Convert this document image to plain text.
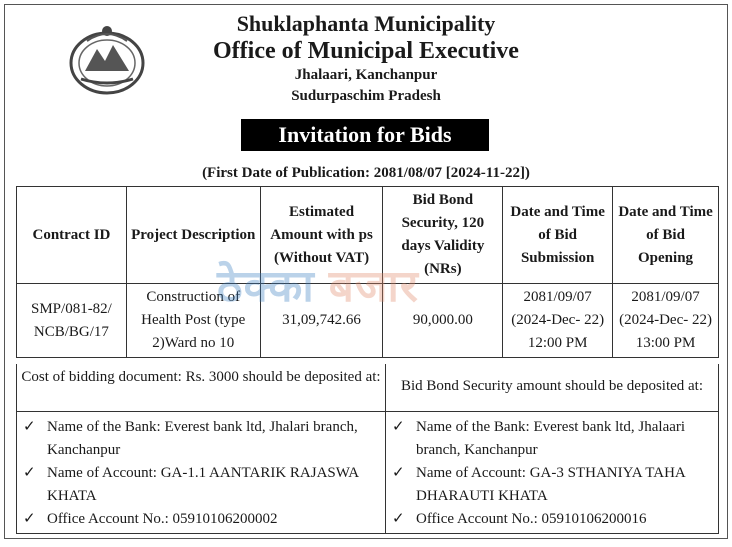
Shuklaphanta Municipality
Office of Municipal Executive
Jhalaari, Kanchanpur
Sudurpaschim Pradesh
Invitation for Bids
(First Date of Publication: 2081/08/07 [2024-11-22])
Contract ID	Project Description	Estimated Amount with ps (Without VAT)	Bid Bond Security, 120 days Validity (NRs)	Date and Time of Bid Submission	Date and Time of Bid Opening
SMP/081-82/ NCB/BG/17	Construction of Health Post (type 2)Ward no 10	31,09,742.66	90,000.00	2081/09/07 (2024-Dec- 22) 12:00 PM	2081/09/07 (2024-Dec- 22) 13:00 PM
ठेक्का बजार
Cost of bidding document: Rs. 3000 should be deposited at:
✓ Name of the Bank: Everest bank ltd, Jhalari branch, Kanchanpur
✓ Name of Account: GA-1.1 AANTARIK RAJASWA KHATA
✓ Office Account No.: 05910106200002
Bid Bond Security amount should be deposited at:
✓ Name of the Bank: Everest bank ltd, Jhalaari branch, Kanchanpur
✓ Name of Account: GA-3 STHANIYA TAHA DHARAUTI KHATA
✓ Office Account No.: 05910106200016
